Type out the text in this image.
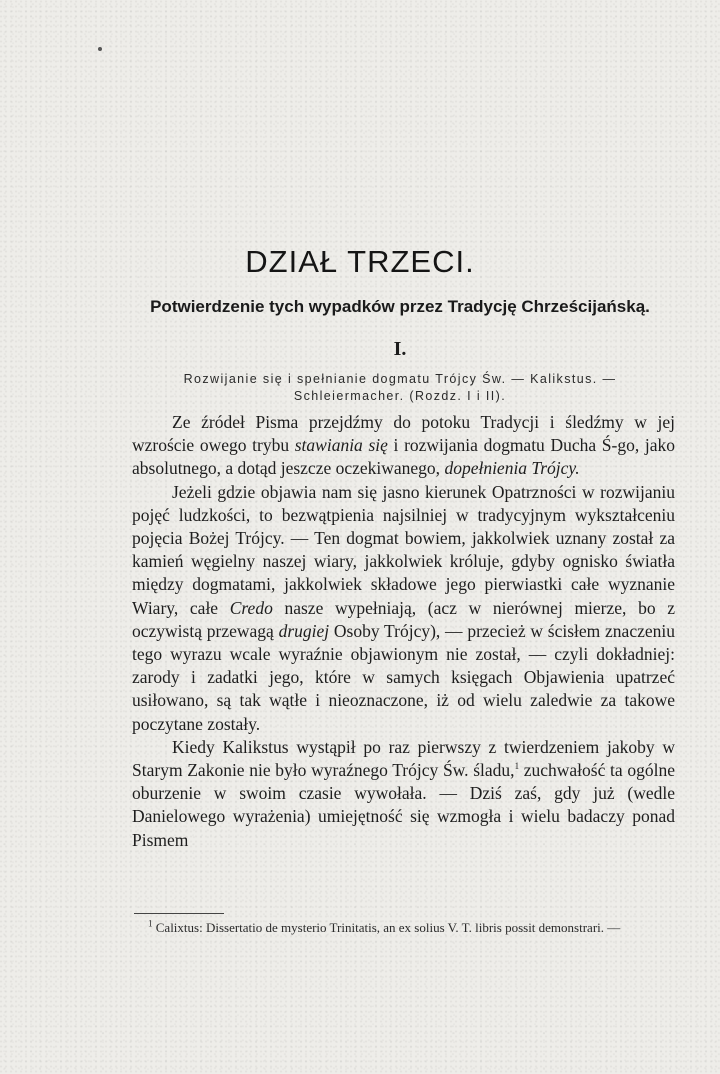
DZIAŁ TRZECI.
Potwierdzenie tych wypadków przez Tradycję Chrześcijańską.
I.
Rozwijanie się i spełnianie dogmatu Trójcy Św. — Kalikstus. —
Schleiermacher. (Rozdz. I i II).

Ze źródeł Pisma przejdźmy do potoku Tradycji i śledźmy w jej wzroście owego trybu stawiania się i rozwijania dogmatu Ducha Ś-go, jako absolutnego, a dotąd jeszcze oczekiwanego, dopełnienia Trójcy.

Jeżeli gdzie objawia nam się jasno kierunek Opatrzności w rozwijaniu pojęć ludzkości, to bezwątpienia najsilniej w tradycyjnym wykształceniu pojęcia Bożej Trójcy. — Ten dogmat bowiem, jakkolwiek uznany został za kamień węgielny naszej wiary, jakkolwiek króluje, gdyby ognisko światła między dogmatami, jakkolwiek składowe jego pierwiastki całe wyznanie Wiary, całe Credo nasze wypełniają, (acz w nierównej mierze, bo z oczywistą przewagą drugiej Osoby Trójcy), — przecież w ścisłem znaczeniu tego wyrazu wcale wyraźnie objawionym nie został, — czyli dokładniej: zarody i zadatki jego, które w samych księgach Objawienia upatrzeć usiłowano, są tak wątłe i nieoznaczone, iż od wielu zaledwie za takowe poczytane zostały.

Kiedy Kalikstus wystąpił po raz pierwszy z twierdzeniem jakoby w Starym Zakonie nie było wyraźnego Trójcy Św. śladu,$^1$ zuchwałość ta ogólne oburzenie w swoim czasie wywołała. — Dziś zaś, gdy już (wedle Danielowego wyrażenia) umiejętność się wzmogła i wielu badaczy ponad Pismem

$^1$ Calixtus: Dissertatio de mysterio Trinitatis, an ex solius V. T. libris possit demonstrari. —
